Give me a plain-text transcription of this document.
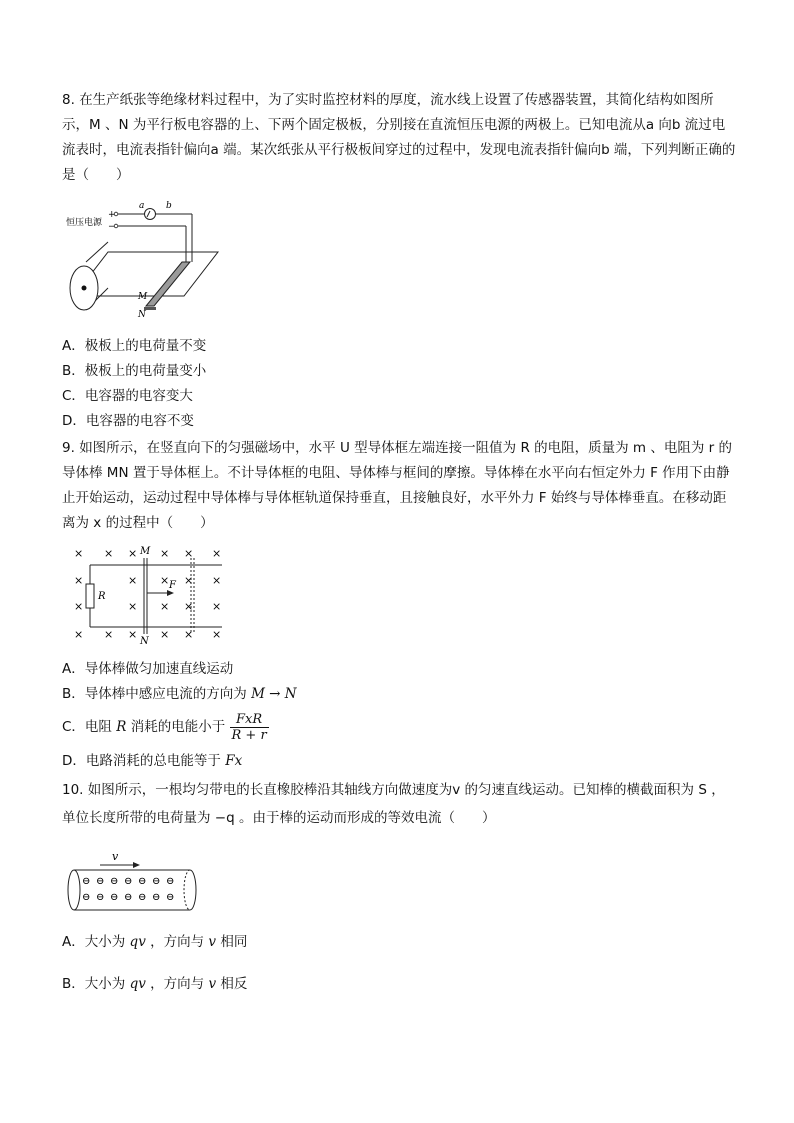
8. 在生产纸张等绝缘材料过程中，为了实时监控材料的厚度，流水线上设置了传感器装置，其简化结构如图所示，M 、N 为平行板电容器的上、下两个固定极板，分别接在直流恒压电源的两极上。已知电流从a 向b 流过电流表时，电流表指针偏向a 端。某次纸张从平行极板间穿过的过程中，发现电流表指针偏向b 端，下列判断正确的是（　　）

恒压电源
+
−
a b
M
N
A．极板上的电荷量不变
B．极板上的电荷量变小
C．电容器的电容变大
D．电容器的电容不变

9. 如图所示，在竖直向下的匀强磁场中，水平 U 型导体框左端连接一阻值为 R 的电阻，质量为 m 、电阻为 r 的导体棒 MN 置于导体框上。不计导体框的电阻、导体棒与框间的摩擦。导体棒在水平向右恒定外力 F 作用下由静止开始运动，运动过程中导体棒与导体框轨道保持垂直，且接触良好，水平外力 F 始终与导体棒垂直。在移动距离为 x 的过程中（　　）

× × × × × ×
×	× × × ×
×	× × × ×
× × × × × ×
R
M
N
F
A．导体棒做匀加速直线运动
B．导体棒中感应电流的方向为 M → N
C．电阻 R 消耗的电能小于 $\frac{\text{FxR}}{R + r}$
D．电路消耗的总电能等于 Fx

10. 如图所示，一根均匀带电的长直橡胶棒沿其轴线方向做速度为v 的匀速直线运动。已知棒的横截面积为 S ，单位长度所带的电荷量为 −q 。由于棒的运动而形成的等效电流（　　）

v
⊖ ⊖ ⊖ ⊖ ⊖ ⊖ ⊖
⊖ ⊖ ⊖ ⊖ ⊖ ⊖ ⊖
A．大小为 qv ，方向与 v 相同
B．大小为 qv ，方向与 v 相反
